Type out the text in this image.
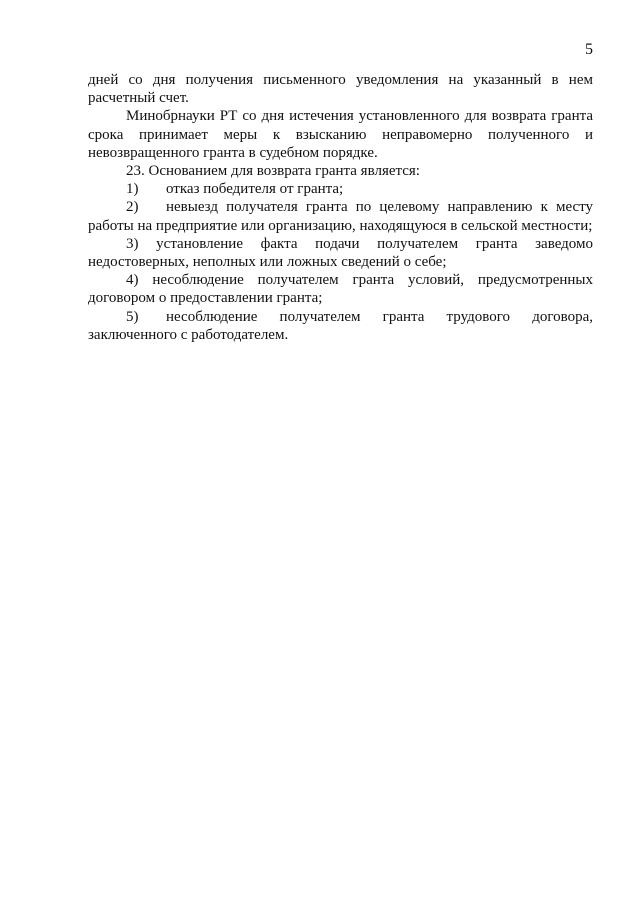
5

дней со дня получения письменного уведомления на указанный в нем расчетный счет.

Минобрнауки РТ со дня истечения установленного для возврата гранта срока принимает меры к взысканию неправомерно полученного и невозвращенного гранта в судебном порядке.

23. Основанием для возврата гранта является:

1) отказ победителя от гранта;

2) невыезд получателя гранта по целевому направлению к месту работы на предприятие или организацию, находящуюся в сельской местности;

3) установление факта подачи получателем гранта заведомо недостоверных, неполных или ложных сведений о себе;

4) несоблюдение получателем гранта условий, предусмотренных договором о предоставлении гранта;

5) несоблюдение получателем гранта трудового договора, заключенного с работодателем.
